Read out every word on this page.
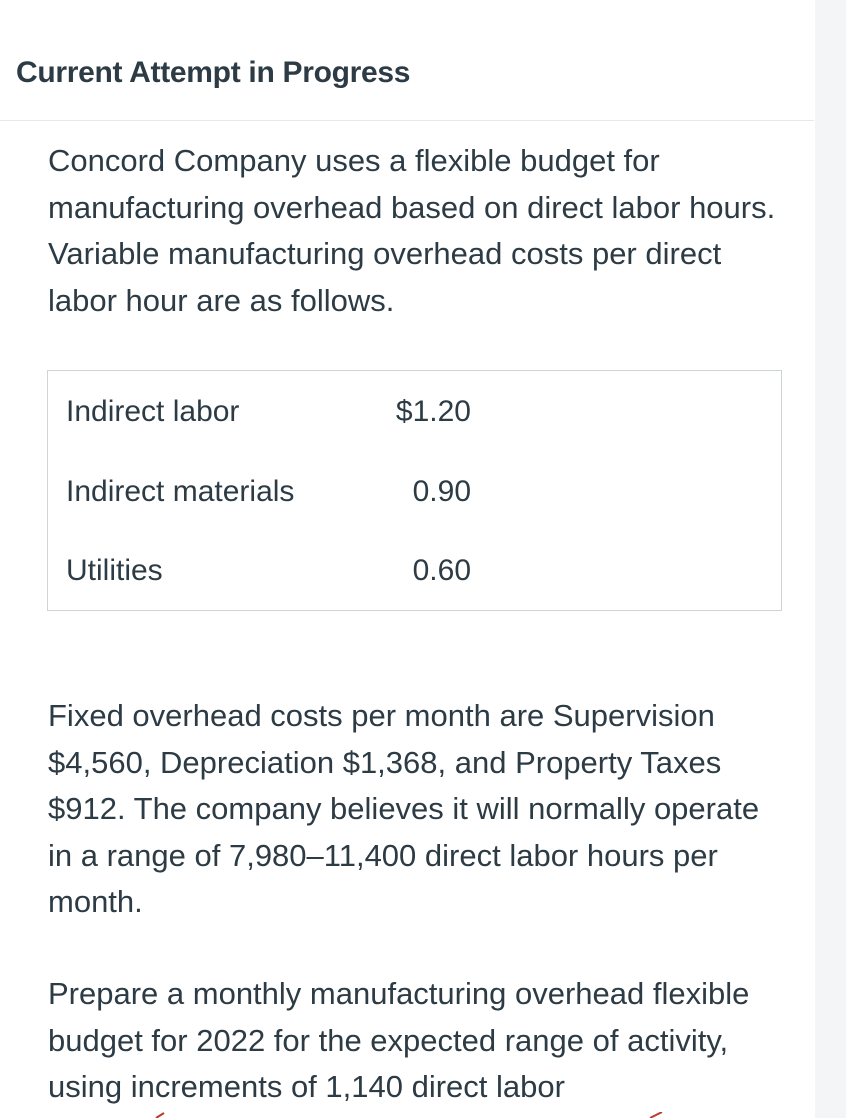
Current Attempt in Progress

Concord Company uses a flexible budget for manufacturing overhead based on direct labor hours. Variable manufacturing overhead costs per direct labor hour are as follows.

Indirect labor	$1.20
Indirect materials	0.90
Utilities	0.60

Fixed overhead costs per month are Supervision $4,560, Depreciation $1,368, and Property Taxes $912. The company believes it will normally operate in a range of 7,980–11,400 direct labor hours per month.

Prepare a monthly manufacturing overhead flexible budget for 2022 for the expected range of activity, using increments of 1,140 direct labor
